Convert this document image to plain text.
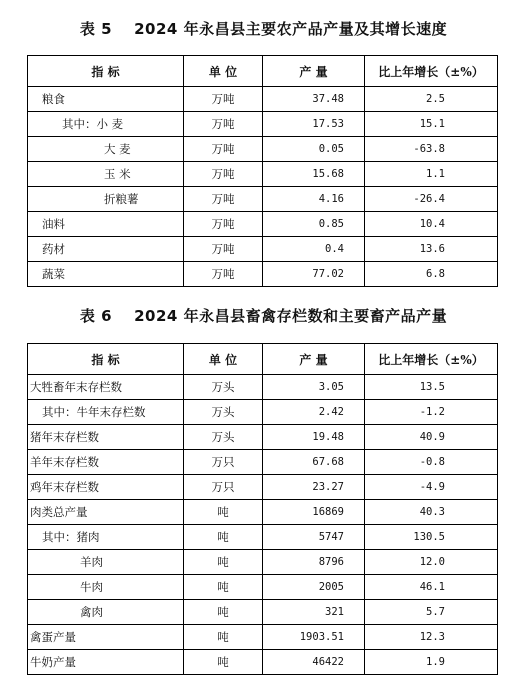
表 5 2024 年永昌县主要农产品产量及其增长速度
指 标	单 位	产 量	比上年增长（±%）
粮食	万吨	37.48	2.5
其中：小 麦	万吨	17.53	15.1
大 麦	万吨	0.05	-63.8
玉 米	万吨	15.68	1.1
折粮薯	万吨	4.16	-26.4
油料	万吨	0.85	10.4
药材	万吨	0.4	13.6
蔬菜	万吨	77.02	6.8
表 6 2024 年永昌县畜禽存栏数和主要畜产品产量
指 标	单 位	产 量	比上年增长（±%）
大牲畜年末存栏数	万头	3.05	13.5
其中：牛年末存栏数	万头	2.42	-1.2
猪年末存栏数	万头	19.48	40.9
羊年末存栏数	万只	67.68	-0.8
鸡年末存栏数	万只	23.27	-4.9
肉类总产量	吨	16869	40.3
其中：猪肉	吨	5747	130.5
羊肉	吨	8796	12.0
牛肉	吨	2005	46.1
禽肉	吨	321	5.7
禽蛋产量	吨	1903.51	12.3
牛奶产量	吨	46422	1.9
